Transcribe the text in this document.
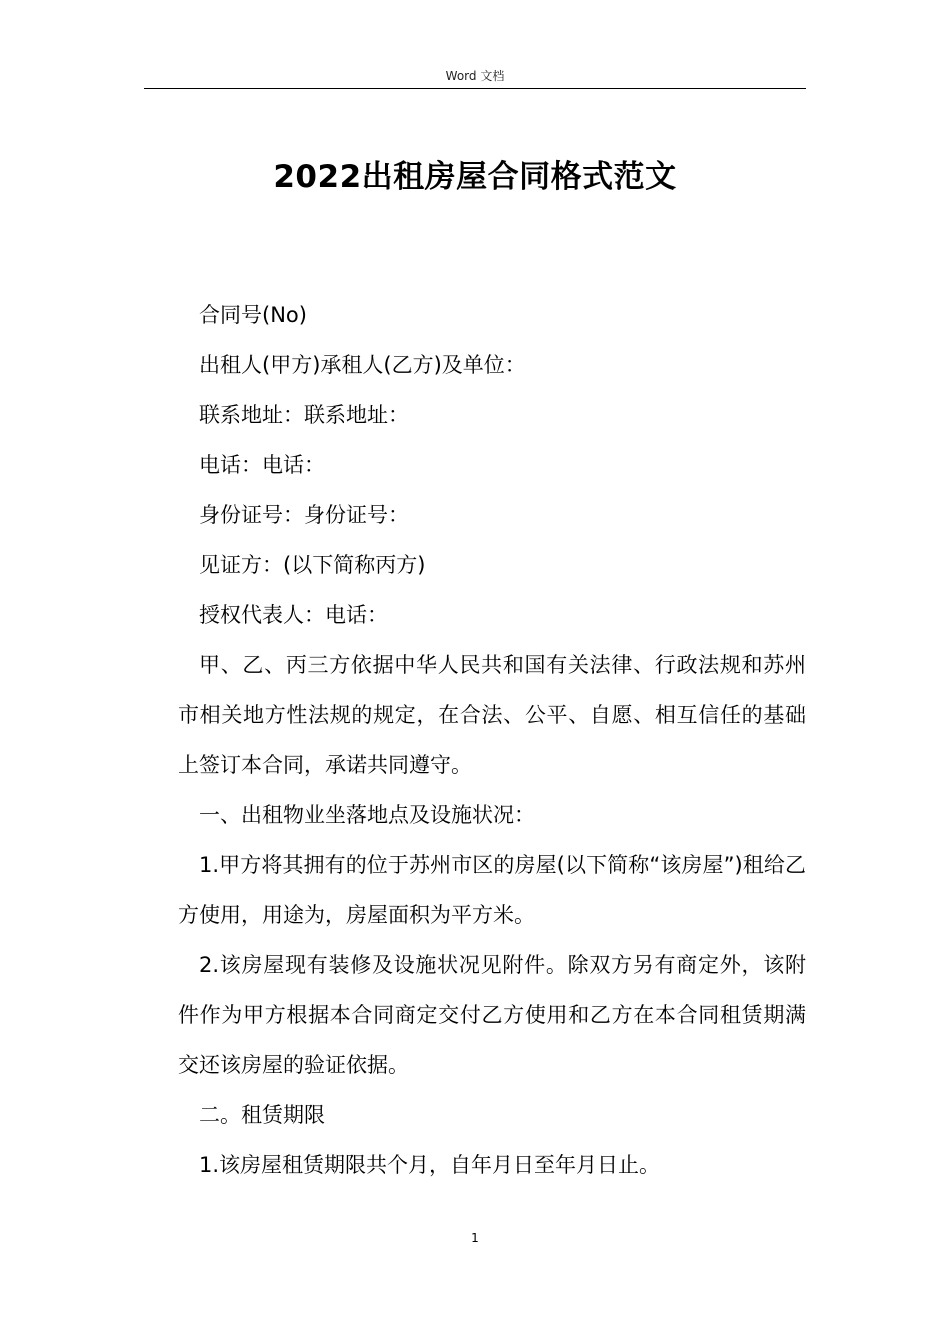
Word 文档
2022出租房屋合同格式范文

合同号(No)

出租人(甲方)承租人(乙方)及单位：

联系地址：联系地址：

电话：电话：

身份证号：身份证号：

见证方：(以下简称丙方)

授权代表人：电话：

甲、乙、丙三方依据中华人民共和国有关法律、行政法规和苏州市相关地方性法规的规定，在合法、公平、自愿、相互信任的基础上签订本合同，承诺共同遵守。

一、出租物业坐落地点及设施状况：

1.甲方将其拥有的位于苏州市区的房屋(以下简称“该房屋”)租给乙方使用，用途为，房屋面积为平方米。

2.该房屋现有装修及设施状况见附件。除双方另有商定外，该附件作为甲方根据本合同商定交付乙方使用和乙方在本合同租赁期满交还该房屋的验证依据。

二。租赁期限

1.该房屋租赁期限共个月，自年月日至年月日止。

1
